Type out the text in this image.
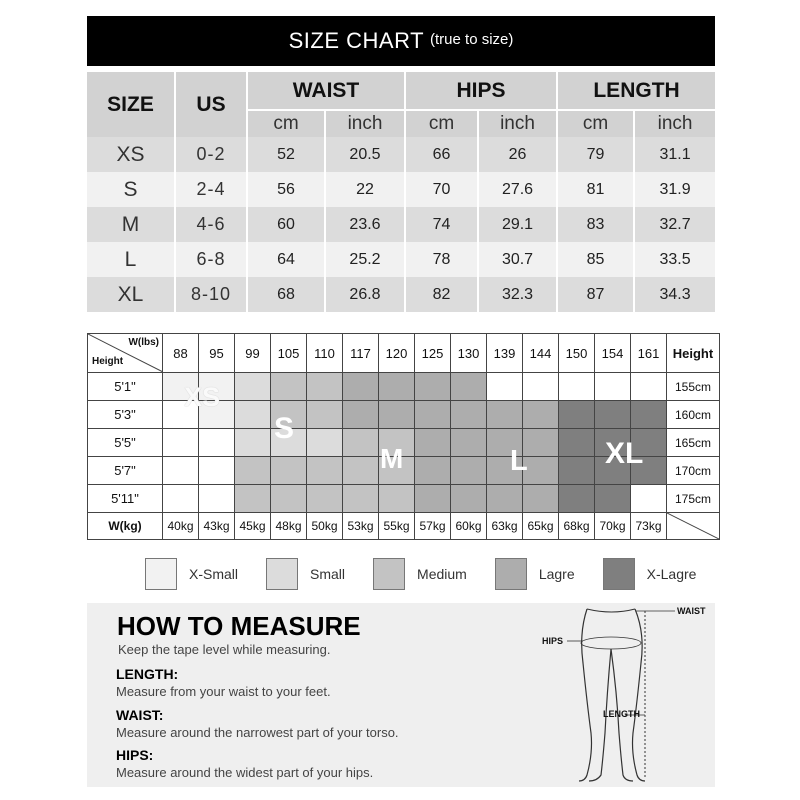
SIZE CHART (true to size)
SIZE	US	WAIST		HIPS		LENGTH	
		cm	inch	cm	inch	cm	inch
XS	0-2	52	20.5	66	26	79	31.1
S	2-4	56	22	70	27.6	81	31.9
M	4-6	60	23.6	74	29.1	83	32.7
L	6-8	64	25.2	78	30.7	85	33.5
XL	8-10	68	26.8	82	32.3	87	34.3
W(lbs)
Height	88	95	99	105	110	117	120	125	130	139	144	150	154	161	Height
5'1"															155cm
5'3"															160cm
5'5"															165cm
5'7"															170cm
5'11"															175cm
W(kg)	40kg	43kg	45kg	48kg	50kg	53kg	55kg	57kg	60kg	63kg	65kg	68kg	70kg	73kg	
XS
S
M	L	XL
X-Small	Small	Medium	Lagre	X-Lagre
HOW TO MEASURE
Keep the tape level while measuring.
LENGTH:
Measure from your waist to your feet.
WAIST:
Measure around the narrowest part of your torso.
HIPS:
Measure around the widest part of your hips.
WAIST
HIPS
LENGTH
